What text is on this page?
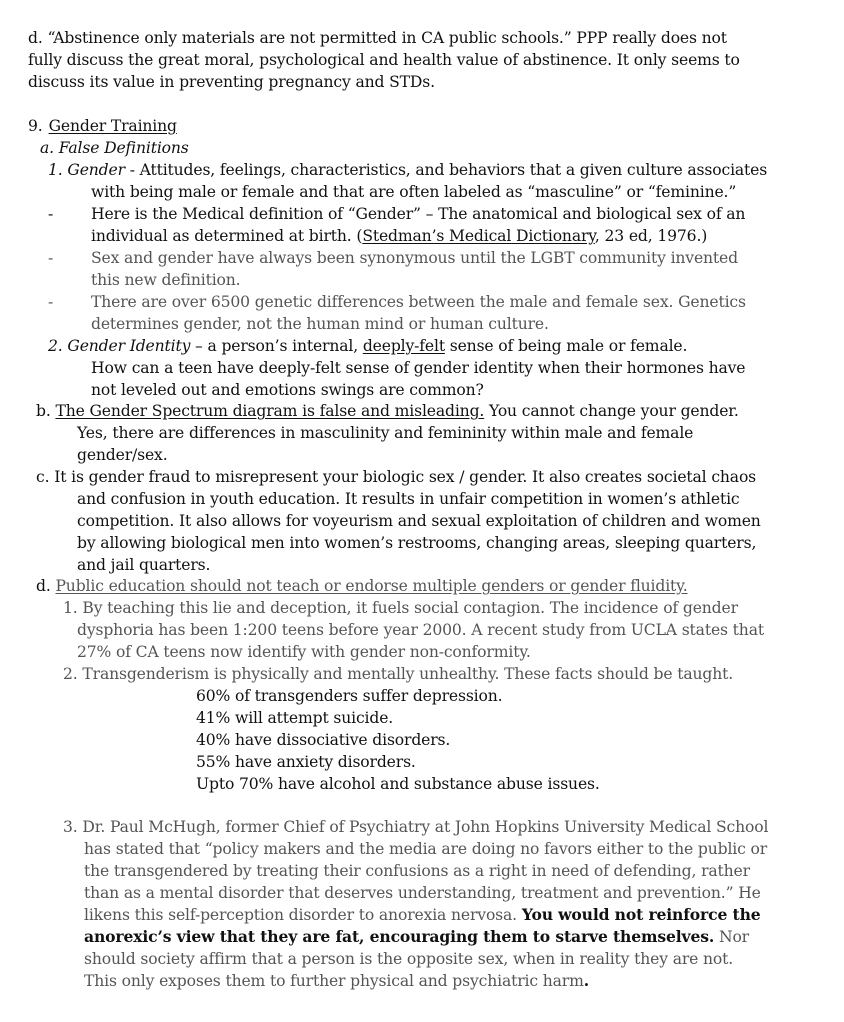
d. “Abstinence only materials are not permitted in CA public schools.” PPP really does not

fully discuss the great moral, psychological and health value of abstinence. It only seems to

discuss its value in preventing pregnancy and STDs.

9. Gender Training

a. False Definitions

1. Gender - Attitudes, feelings, characteristics, and behaviors that a given culture associates

with being male or female and that are often labeled as “masculine” or “feminine.”

- Here is the Medical definition of “Gender” – The anatomical and biological sex of an

individual as determined at birth. (Stedman’s Medical Dictionary, 23 ed, 1976.)

- Sex and gender have always been synonymous until the LGBT community invented

this new definition.

- There are over 6500 genetic differences between the male and female sex. Genetics

determines gender, not the human mind or human culture.

2. Gender Identity – a person’s internal, deeply-felt sense of being male or female.

How can a teen have deeply-felt sense of gender identity when their hormones have

not leveled out and emotions swings are common?

b. The Gender Spectrum diagram is false and misleading. You cannot change your gender.

Yes, there are differences in masculinity and femininity within male and female

gender/sex.

c. It is gender fraud to misrepresent your biologic sex / gender. It also creates societal chaos

and confusion in youth education. It results in unfair competition in women’s athletic

competition. It also allows for voyeurism and sexual exploitation of children and women

by allowing biological men into women’s restrooms, changing areas, sleeping quarters,

and jail quarters.

d. Public education should not teach or endorse multiple genders or gender fluidity.

1. By teaching this lie and deception, it fuels social contagion. The incidence of gender

dysphoria has been 1:200 teens before year 2000. A recent study from UCLA states that

27% of CA teens now identify with gender non-conformity.

2. Transgenderism is physically and mentally unhealthy. These facts should be taught.

60% of transgenders suffer depression.

41% will attempt suicide.

40% have dissociative disorders.

55% have anxiety disorders.

Upto 70% have alcohol and substance abuse issues.

3. Dr. Paul McHugh, former Chief of Psychiatry at John Hopkins University Medical School

has stated that “policy makers and the media are doing no favors either to the public or

the transgendered by treating their confusions as a right in need of defending, rather

than as a mental disorder that deserves understanding, treatment and prevention.” He

likens this self-perception disorder to anorexia nervosa. You would not reinforce the

anorexic’s view that they are fat, encouraging them to starve themselves. Nor

should society affirm that a person is the opposite sex, when in reality they are not.

This only exposes them to further physical and psychiatric harm.
